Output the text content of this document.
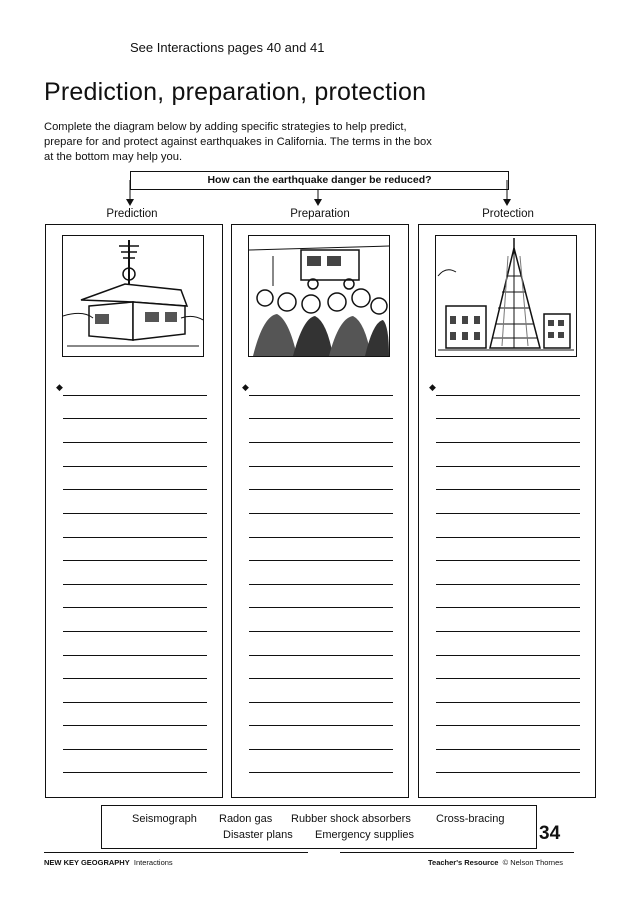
See Interactions pages 40 and 41
Prediction, preparation, protection
Complete the diagram below by adding specific strategies to help predict, prepare for and protect against earthquakes in California. The terms in the box at the bottom may help you.
How can the earthquake danger be reduced?
Prediction	Preparation	Protection
◆	◆	◆
Seismograph Radon gas Rubber shock absorbers Cross-bracing
Disaster plans Emergency supplies	34
NEW KEY GEOGRAPHY Interactions	Teacher's Resource © Nelson Thornes
